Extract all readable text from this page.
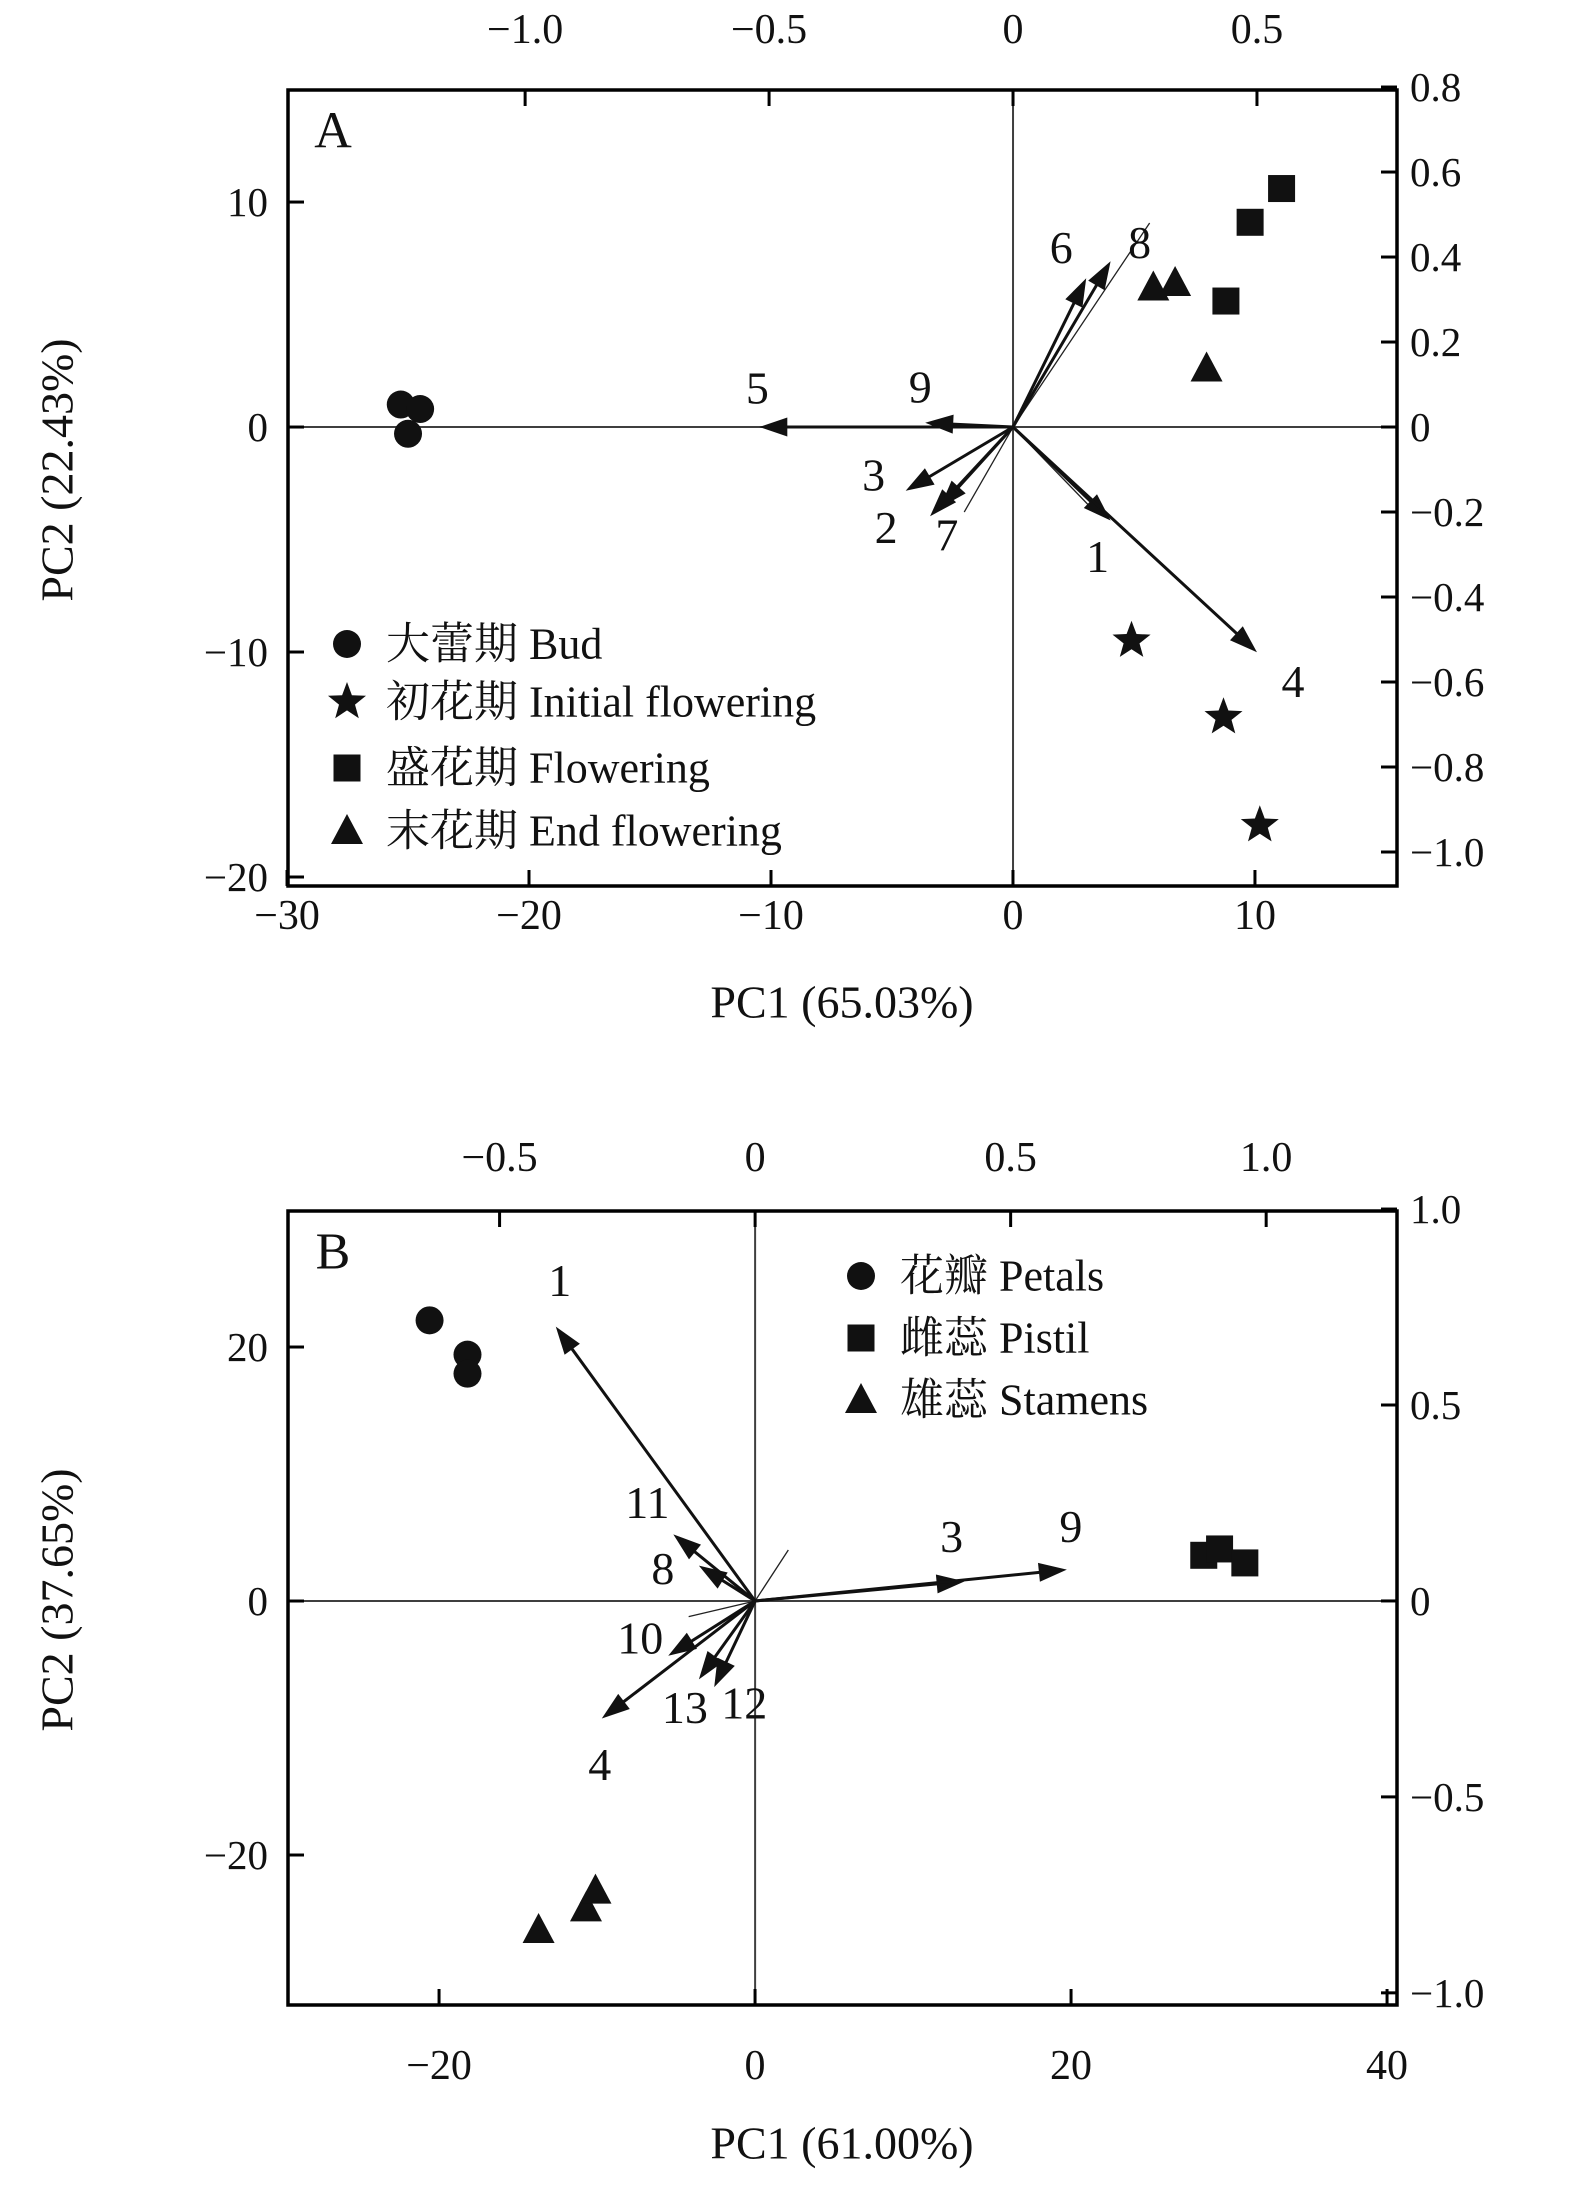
−1.0	−0.5	0	0.5
−30	−20	−10	0	10
10
0
−10
−20
0.8
0.6
0.4
0.2
0
−0.2
−0.4
−0.6
−0.8
−1.0
1
2
3
4
5
6
7
8
9
大蕾期 Bud
初花期 Initial flowering
盛花期 Flowering
末花期 End flowering
A
PC1 (65.03%)
PC2 (22.43%)
−0.5	0	0.5	1.0
−20	0	20	40
20
0
−20
1.0
0.5
0
−0.5
−1.0
1
3
4
8
9
10
11
12
13
花瓣 Petals
雌蕊 Pistil
雄蕊 Stamens
B
PC1 (61.00%)
PC2 (37.65%)
